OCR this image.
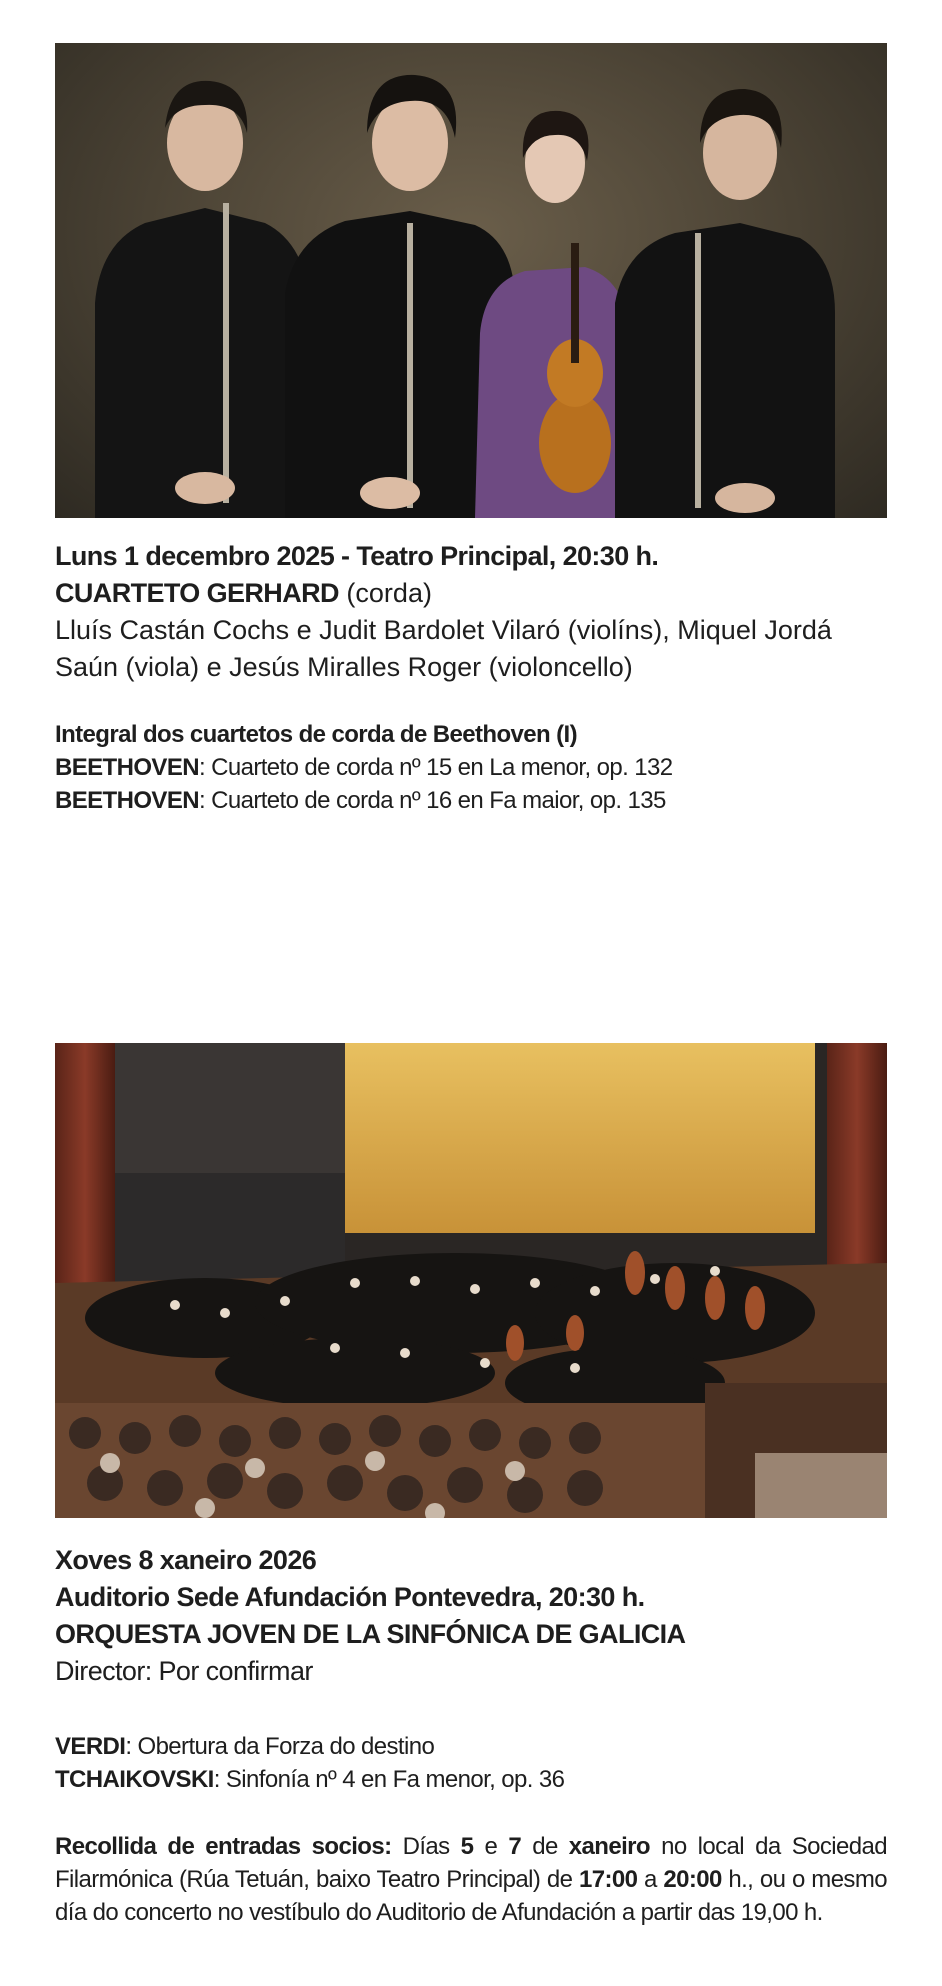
Luns 1 decembro 2025 - Teatro Principal, 20:30 h.

CUARTETO GERHARD (corda)

Lluís Castán Cochs e Judit Bardolet Vilaró (violíns), Miquel Jordá Saún (viola) e Jesús Miralles Roger (violoncello)

Integral dos cuartetos de corda de Beethoven (I)

BEETHOVEN: Cuarteto de corda nº 15 en La menor, op. 132

BEETHOVEN: Cuarteto de corda nº 16 en Fa maior, op. 135

Xoves 8 xaneiro 2026

Auditorio Sede Afundación Pontevedra, 20:30 h.

ORQUESTA JOVEN DE LA SINFÓNICA DE GALICIA

Director: Por confirmar

VERDI: Obertura da Forza do destino

TCHAIKOVSKI: Sinfonía nº 4 en Fa menor, op. 36

Recollida de entradas socios: Días 5 e 7 de xaneiro no local da Sociedad Filarmónica (Rúa Tetuán, baixo Teatro Principal) de 17:00 a 20:00 h., ou o mesmo día do concerto no vestíbulo do Auditorio de Afundación a partir das 19,00 h.
